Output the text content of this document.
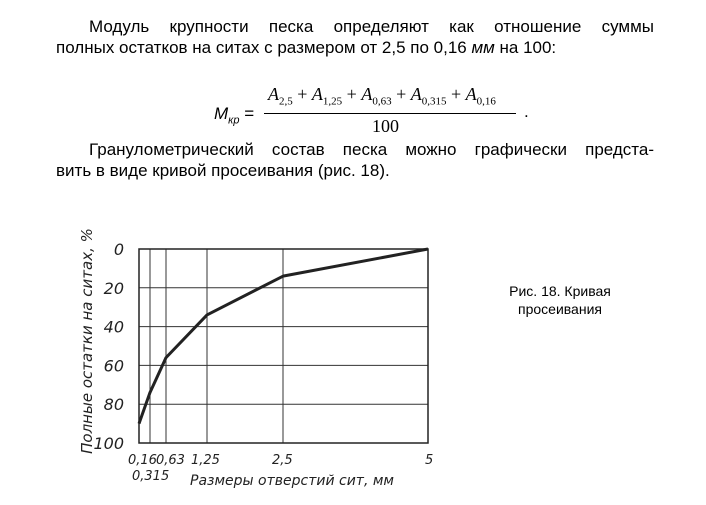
Модуль крупности песка определяют как отношение суммы
полных остатков на ситах с размером от 2,5 по 0,16 мм на 100:
$M_{кр}$ =
$A_{2,5} + A_{1,25} + A_{0,63} + A_{0,315} + A_{0,16}$
100
.
Гранулометрический состав песка можно графически предста-
вить в виде кривой просеивания (рис. 18).
0
20
40
60
80
100
0,16
0,315
0,63 1,25	2,5	5
Полные остатки на ситах, %
Размеры отверстий сит, мм
Рис. 18. Кривая
просеивания
